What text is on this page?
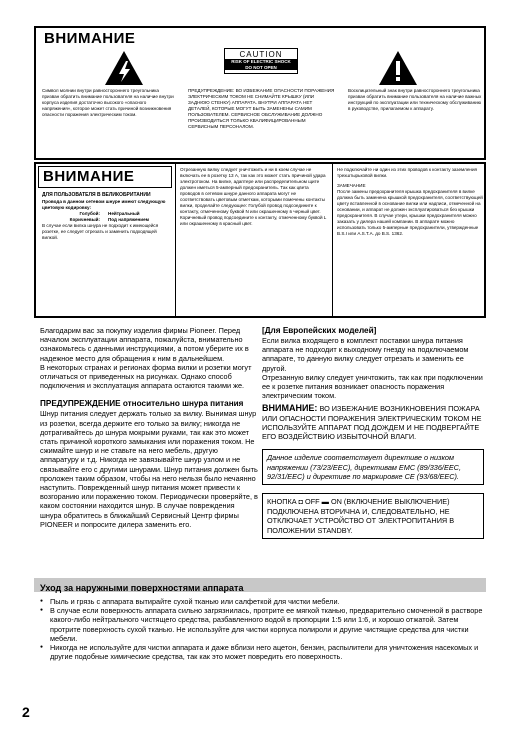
ВНИМАНИЕ
CAUTION
RISK OF ELECTRIC SHOCK
DO NOT OPEN
Символ молнии внутри равностороннего треугольника призван обратить внимание пользователя на наличие внутри корпуса изделия достаточно высокого «опасного напряжения», которое может стать причиной возникновения опасности поражения электрическим током.
ПРЕДУПРЕЖДЕНИЕ: ВО ИЗБЕЖАНИЕ ОПАСНОСТИ ПОРАЖЕНИЯ ЭЛЕКТРИЧЕСКИМ ТОКОМ НЕ СНИМАЙТЕ КРЫШКУ (ИЛИ ЗАДНЮЮ СТЕНКУ) АППАРАТА. ВНУТРИ АППАРАТА НЕТ ДЕТАЛЕЙ, КОТОРЫЕ МОГУТ БЫТЬ ЗАМЕНЕНЫ САМИМ ПОЛЬЗОВАТЕЛЕМ. СЕРВИСНОЕ ОБСЛУЖИВАНИЕ ДОЛЖНО ПРОИЗВОДИТЬСЯ ТОЛЬКО КВАЛИФИЦИРОВАННЫМ СЕРВИСНЫМ ПЕРСОНАЛОМ.
Восклицательный знак внутри равностороннего треугольника призван обратить внимание пользователя на наличие важных инструкций по эксплуатации или техническому обслуживанию в руководстве, прилагаемом к аппарату.
ВНИМАНИЕ
ДЛЯ ПОЛЬЗОВАТЕЛЯ В ВЕЛИКОБРИТАНИИ
Провода в данном сетевом шнуре имеют следующую цветовую кодировку:
Голубой:	Нейтральный
Коричневый:	Под напряжением
В случае если вилка шнура не подходит к имеющейся розетке, ее следует отрезать и заменить подходящей вилкой.
Отрезанную вилку следует уничтожить и ни в коем случае не включать ее в розетку 13 A, так как это может стать причиной удара электротоком. На вилке, адаптере или распределительном щите должен иметься 5-амперный предохранитель. Так как цвета проводов в сетевом шнуре данного аппарата могут не соответствовать цветовым отметкам, которыми помечены контакты вилки, проделайте следующее: Голубой провод подсоедините к контакту, отмеченному буквой N или окрашенному в черный цвет. Коричневый провод подсоедините к контакту, отмеченному буквой L или окрашенному в красный цвет.
Не подключайте ни один из этих проводов к контакту заземления трехштырьковой вилки.
ЗАМЕЧАНИЕ
После замены предохранителя крышка предохранителя в вилке должна быть заменена крышкой предохранителя, соответствующей цвету вставленной в основание вилки или надписи, отмеченной на основании, и аппарат не должен эксплуатироваться без крышки предохранителя. В случае утери, крышки предохранителя можно заказать у дилера нашей компании. В аппарате можно использовать только 5-амперные предохранители, утвержденные B.S.I или A.S.T.A. до B.S. 1362.

Благодарим вас за покупку изделия фирмы Pioneer. Перед началом эксплуатации аппарата, пожалуйста, внимательно ознакомьтесь с данными инструкциями, а потом уберите их в надежное место для обращения к ним в дальнейшем.

В некоторых странах и регионах форма вилки и розетки могут отличаться от приведенных на рисунках. Однако способ подключения и эксплуатация аппарата остаются такими же.

ПРЕДУПРЕЖДЕНИЕ относительно шнура питания

Шнур питания следует держать только за вилку. Вынимая шнур из розетки, всегда держите его только за вилку; никогда не дотрагивайтесь до шнура мокрыми руками, так как это может стать причиной короткого замыкания или поражения током. Не сжимайте шнур и не ставьте на него мебель, другую аппаратуру и т.д. Никогда не завязывайте шнур узлом и не связывайте его с другими шнурами. Шнур питания должен быть проложен таким образом, чтобы на него нельзя было нечаянно наступить. Поврежденный шнур питания может привести к возгоранию или поражению током. Периодически проверяйте, в каком состоянии находится шнур. В случае повреждения шнура обратитесь в ближайший Сервисный Центр фирмы PIONEER и попросите дилера заменить его.

[Для Европейских моделей]

Если вилка входящего в комплект поставки шнура питания аппарата не подходит к выходному гнезду на подключаемом аппарате, то данную вилку следует отрезать и заменить ее другой.

Отрезанную вилку следует уничтожить, так как при подключении ее к розетке питания возникает опасность поражения электрическим током.

ВНИМАНИЕ: ВО ИЗБЕЖАНИЕ ВОЗНИКНОВЕНИЯ ПОЖАРА ИЛИ ОПАСНОСТИ ПОРАЖЕНИЯ ЭЛЕКТРИЧЕСКИМ ТОКОМ НЕ ИСПОЛЬЗУЙТЕ АППАРАТ ПОД ДОЖДЕМ И НЕ ПОДВЕРГАЙТЕ ЕГО ВОЗДЕЙСТВИЮ ИЗБЫТОЧНОЙ ВЛАГИ.

Данное изделие соответствует директиве о низком напряжении (73/23/EEC), директивам EMC (89/336/EEC, 92/31/EEC) и директиве по маркировке CE (93/68/EEC).
КНОПКА ◘ OFF ▬ ON (ВКЛЮЧЕНИЕ ВЫКЛЮЧЕНИЕ) ПОДКЛЮЧЕНА ВТОРИЧНА И, СЛЕДОВАТЕЛЬНО, НЕ ОТКЛЮЧАЕТ УСТРОЙСТВО ОТ ЭЛЕКТРОПИТАНИЯ В ПОЛОЖЕНИИ STANDBY.
Уход за наружными поверхностями аппарата
● Пыль и грязь с аппарата вытирайте сухой тканью или салфеткой для чистки мебели.
● В случае если поверхность аппарата сильно загрязнилась, протрите ее мягкой тканью, предварительно смоченной в растворе какого-либо нейтрального чистящего средства, разбавленного водой в пропорции 1:5 или 1:6, и хорошо отжатой. Затем протрите поверхность сухой тканью. Не используйте для чистки корпуса полироли и другие чистящие средства для чистки мебели.
● Никогда не используйте для чистки аппарата и даже вблизи него ацетон, бензин, распылители для уничтожения насекомых и другие подобные химические средства, так как это может повредить его поверхность.
2
